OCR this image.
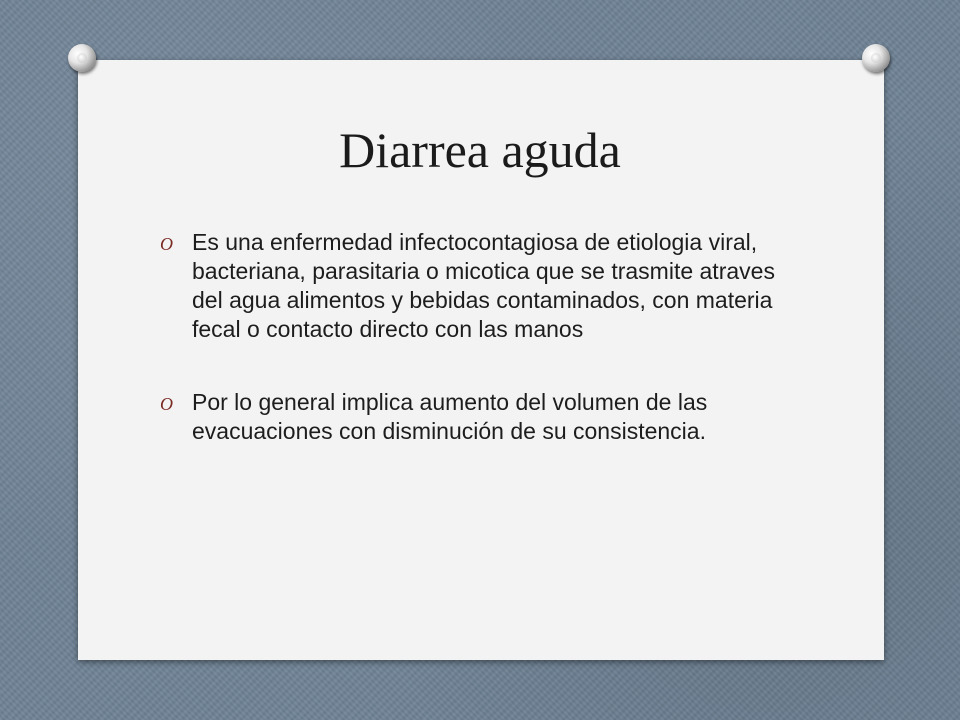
Diarrea aguda
O Es una enfermedad infectocontagiosa de etiologia viral, bacteriana, parasitaria o micotica que se trasmite atraves del agua alimentos y bebidas contaminados, con materia fecal o contacto directo con las manos
O Por lo general implica aumento del volumen de las evacuaciones con disminución de su consistencia.
